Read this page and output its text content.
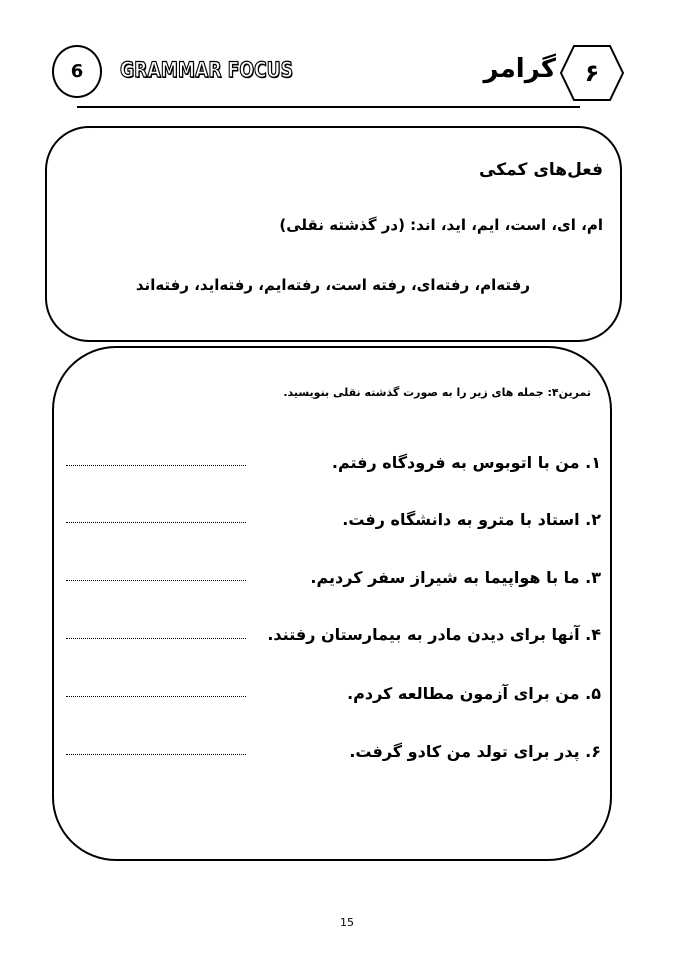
6 GRAMMAR FOCUS	گرامر	۶
فعل‌های کمکی
ام، ای، است، ایم، اید، اند: (در گذشته نقلی)
رفته‌ام، رفته‌ای، رفته است، رفته‌ایم، رفته‌اید، رفته‌اند
تمرین۴: جمله های زیر را به صورت گذشته نقلی بنویسید.
۱. من با اتوبوس به فرودگاه رفتم.
۲. استاد با مترو به دانشگاه رفت.
۳. ما با هواپیما به شیراز سفر کردیم.
۴. آنها برای دیدن مادر به بیمارستان رفتند.
۵. من برای آزمون مطالعه کردم.
۶. پدر برای تولد من کادو گرفت.
15
